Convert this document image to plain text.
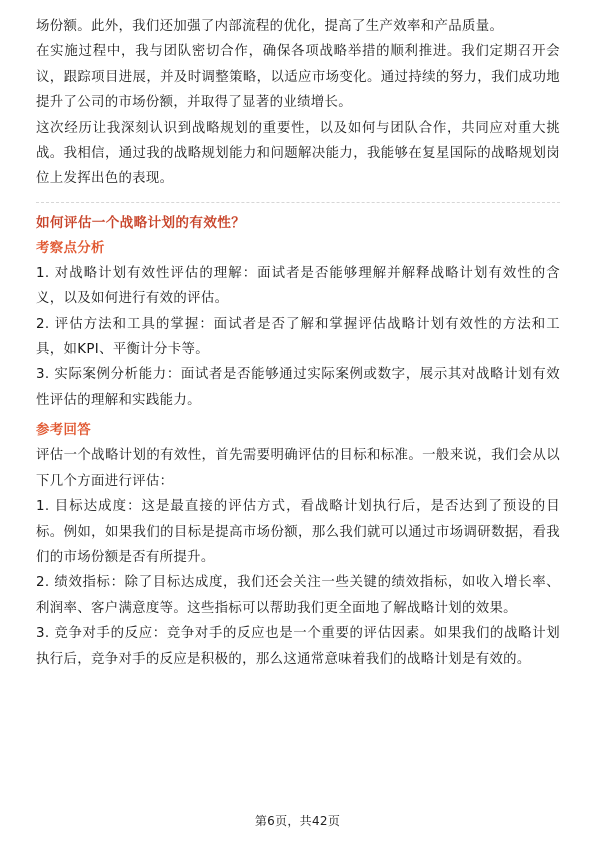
场份额。此外，我们还加强了内部流程的优化，提高了生产效率和产品质量。

在实施过程中，我与团队密切合作，确保各项战略举措的顺利推进。我们定期召开会议，跟踪项目进展，并及时调整策略，以适应市场变化。通过持续的努力，我们成功地提升了公司的市场份额，并取得了显著的业绩增长。

这次经历让我深刻认识到战略规划的重要性，以及如何与团队合作，共同应对重大挑战。我相信，通过我的战略规划能力和问题解决能力，我能够在复星国际的战略规划岗位上发挥出色的表现。

如何评估一个战略计划的有效性？

考察点分析

1. 对战略计划有效性评估的理解：面试者是否能够理解并解释战略计划有效性的含义，以及如何进行有效的评估。

2. 评估方法和工具的掌握：面试者是否了解和掌握评估战略计划有效性的方法和工具，如KPI、平衡计分卡等。

3. 实际案例分析能力：面试者是否能够通过实际案例或数字，展示其对战略计划有效性评估的理解和实践能力。

参考回答

评估一个战略计划的有效性，首先需要明确评估的目标和标准。一般来说，我们会从以下几个方面进行评估：

1. 目标达成度：这是最直接的评估方式，看战略计划执行后，是否达到了预设的目标。例如，如果我们的目标是提高市场份额，那么我们就可以通过市场调研数据，看我们的市场份额是否有所提升。

2. 绩效指标：除了目标达成度，我们还会关注一些关键的绩效指标，如收入增长率、利润率、客户满意度等。这些指标可以帮助我们更全面地了解战略计划的效果。

3. 竞争对手的反应：竞争对手的反应也是一个重要的评估因素。如果我们的战略计划执行后，竞争对手的反应是积极的，那么这通常意味着我们的战略计划是有效的。

第6页，共42页
